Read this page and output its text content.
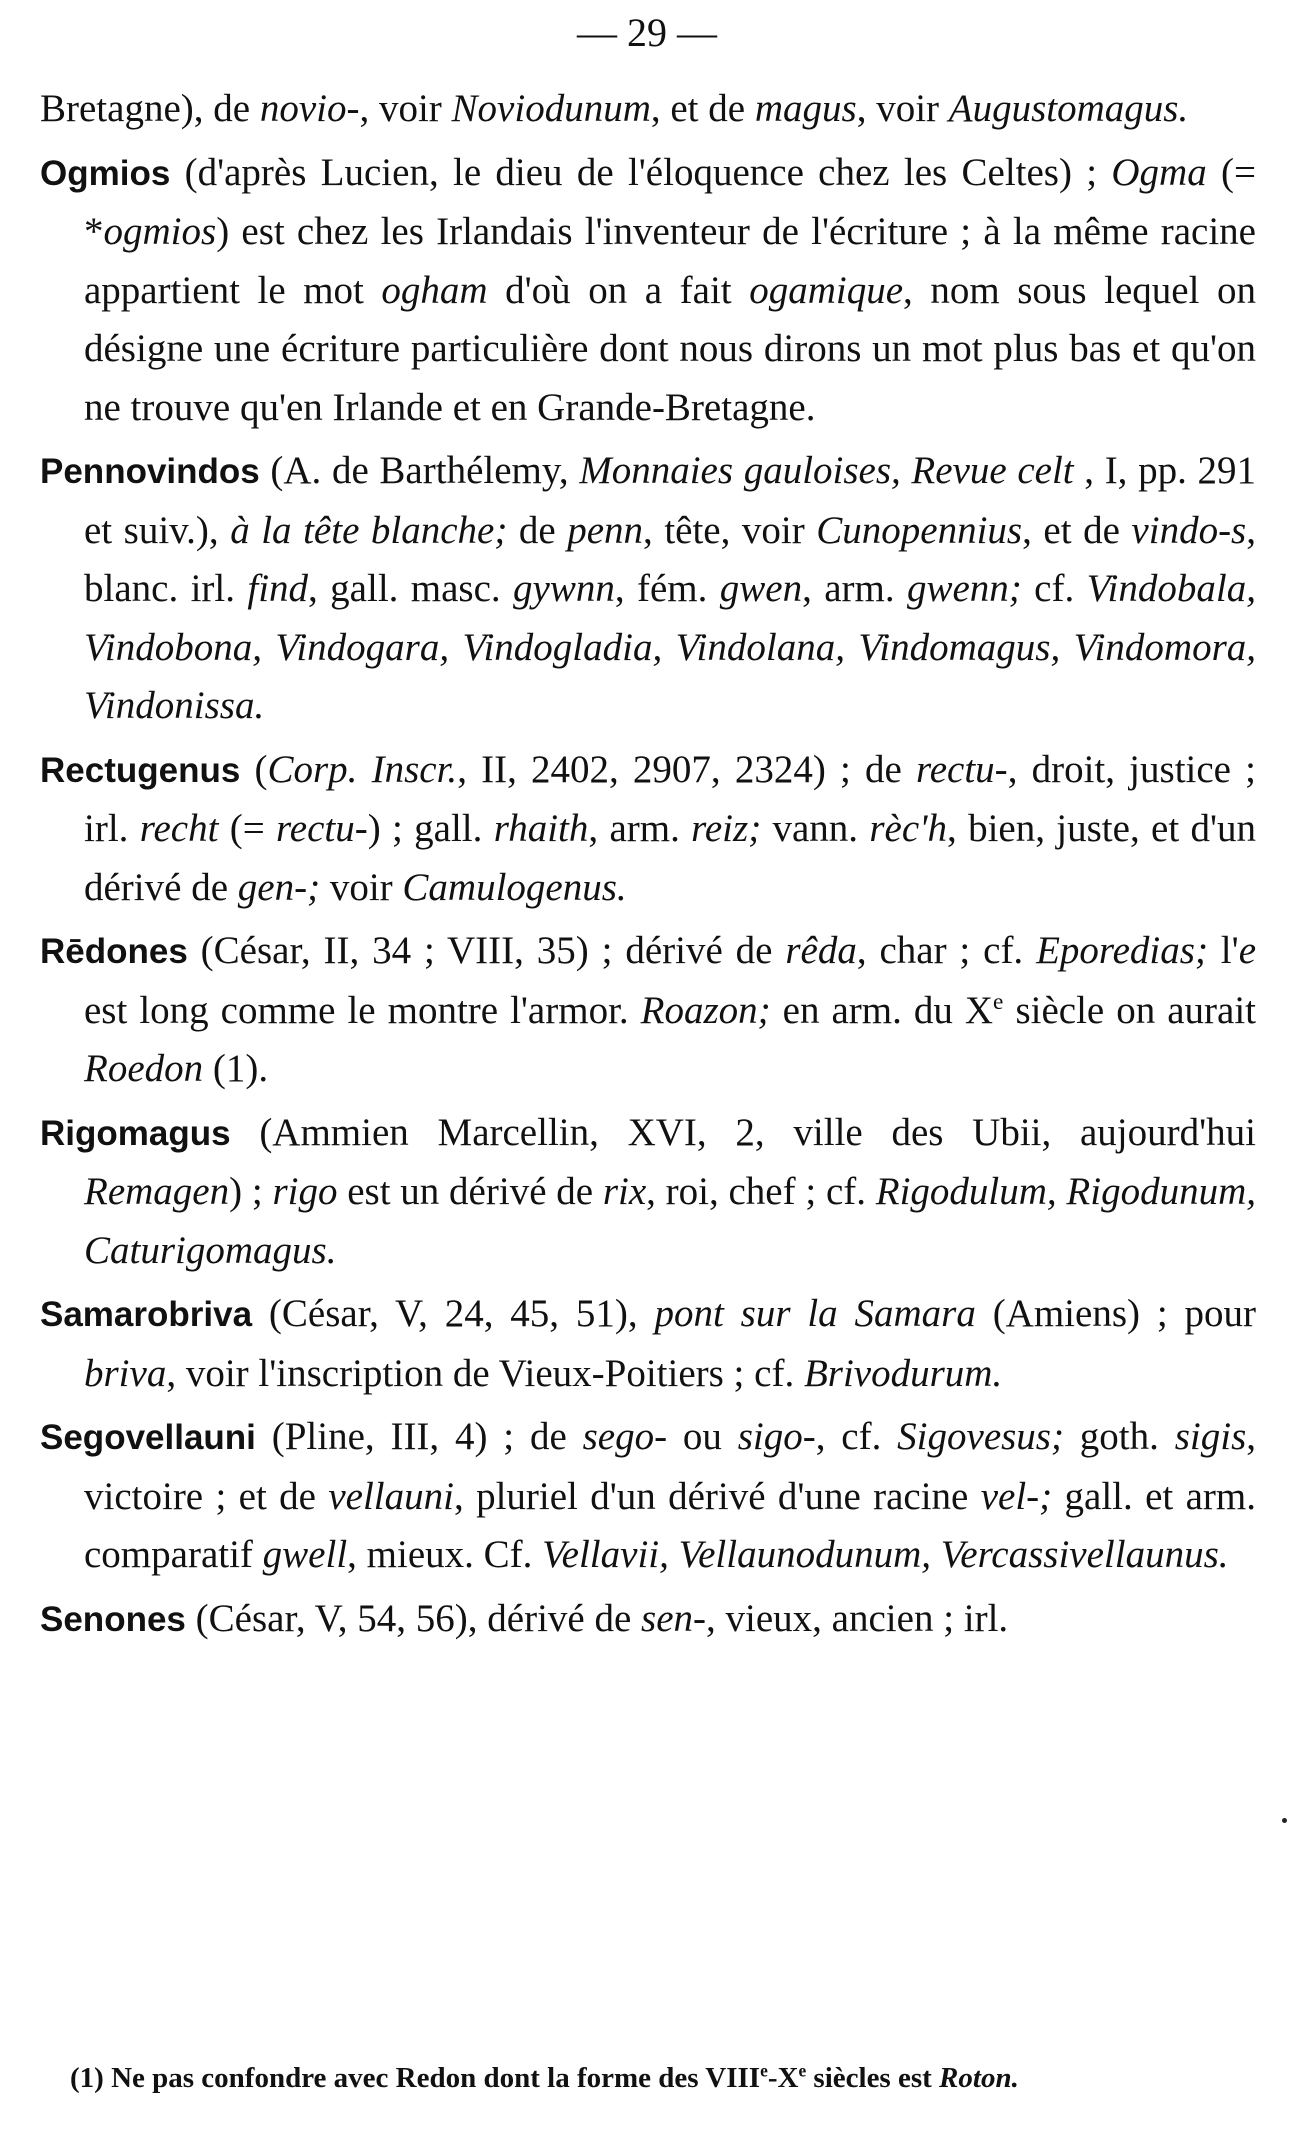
— 29 —

Bretagne), de novio-, voir Noviodunum, et de magus, voir Augustomagus.

Ogmios (d'après Lucien, le dieu de l'éloquence chez les Celtes) ; Ogma (= *ogmios) est chez les Irlandais l'inventeur de l'écriture ; à la même racine appartient le mot ogham d'où on a fait ogamique, nom sous lequel on désigne une écriture particulière dont nous dirons un mot plus bas et qu'on ne trouve qu'en Irlande et en Grande-Bretagne.

Pennovindos (A. de Barthélemy, Monnaies gauloises, Revue celt , I, pp. 291 et suiv.), à la tête blanche; de penn, tête, voir Cunopennius, et de vindo-s, blanc. irl. find, gall. masc. gywnn, fém. gwen, arm. gwenn; cf. Vindobala, Vindobona, Vindogara, Vindogladia, Vindolana, Vindomagus, Vindomora, Vindonissa.

Rectugenus (Corp. Inscr., II, 2402, 2907, 2324) ; de rectu-, droit, justice ; irl. recht (= rectu-) ; gall. rhaith, arm. reiz; vann. rèc'h, bien, juste, et d'un dérivé de gen-; voir Camulogenus.

Rēdones (César, II, 34 ; VIII, 35) ; dérivé de rêda, char ; cf. Eporedias; l'e est long comme le montre l'armor. Roazon; en arm. du Xe siècle on aurait Roedon (1).

Rigomagus (Ammien Marcellin, XVI, 2, ville des Ubii, aujourd'hui Remagen) ; rigo est un dérivé de rix, roi, chef ; cf. Rigodulum, Rigodunum, Caturigomagus.

Samarobriva (César, V, 24, 45, 51), pont sur la Samara (Amiens) ; pour briva, voir l'inscription de Vieux-Poitiers ; cf. Brivodurum.

Segovellauni (Pline, III, 4) ; de sego- ou sigo-, cf. Sigovesus; goth. sigis, victoire ; et de vellauni, pluriel d'un dérivé d'une racine vel-; gall. et arm. comparatif gwell, mieux. Cf. Vellavii, Vellaunodunum, Vercassivellaunus.

Senones (César, V, 54, 56), dérivé de sen-, vieux, ancien ; irl.

(1) Ne pas confondre avec Redon dont la forme des VIIIe-Xe siècles est Roton.
